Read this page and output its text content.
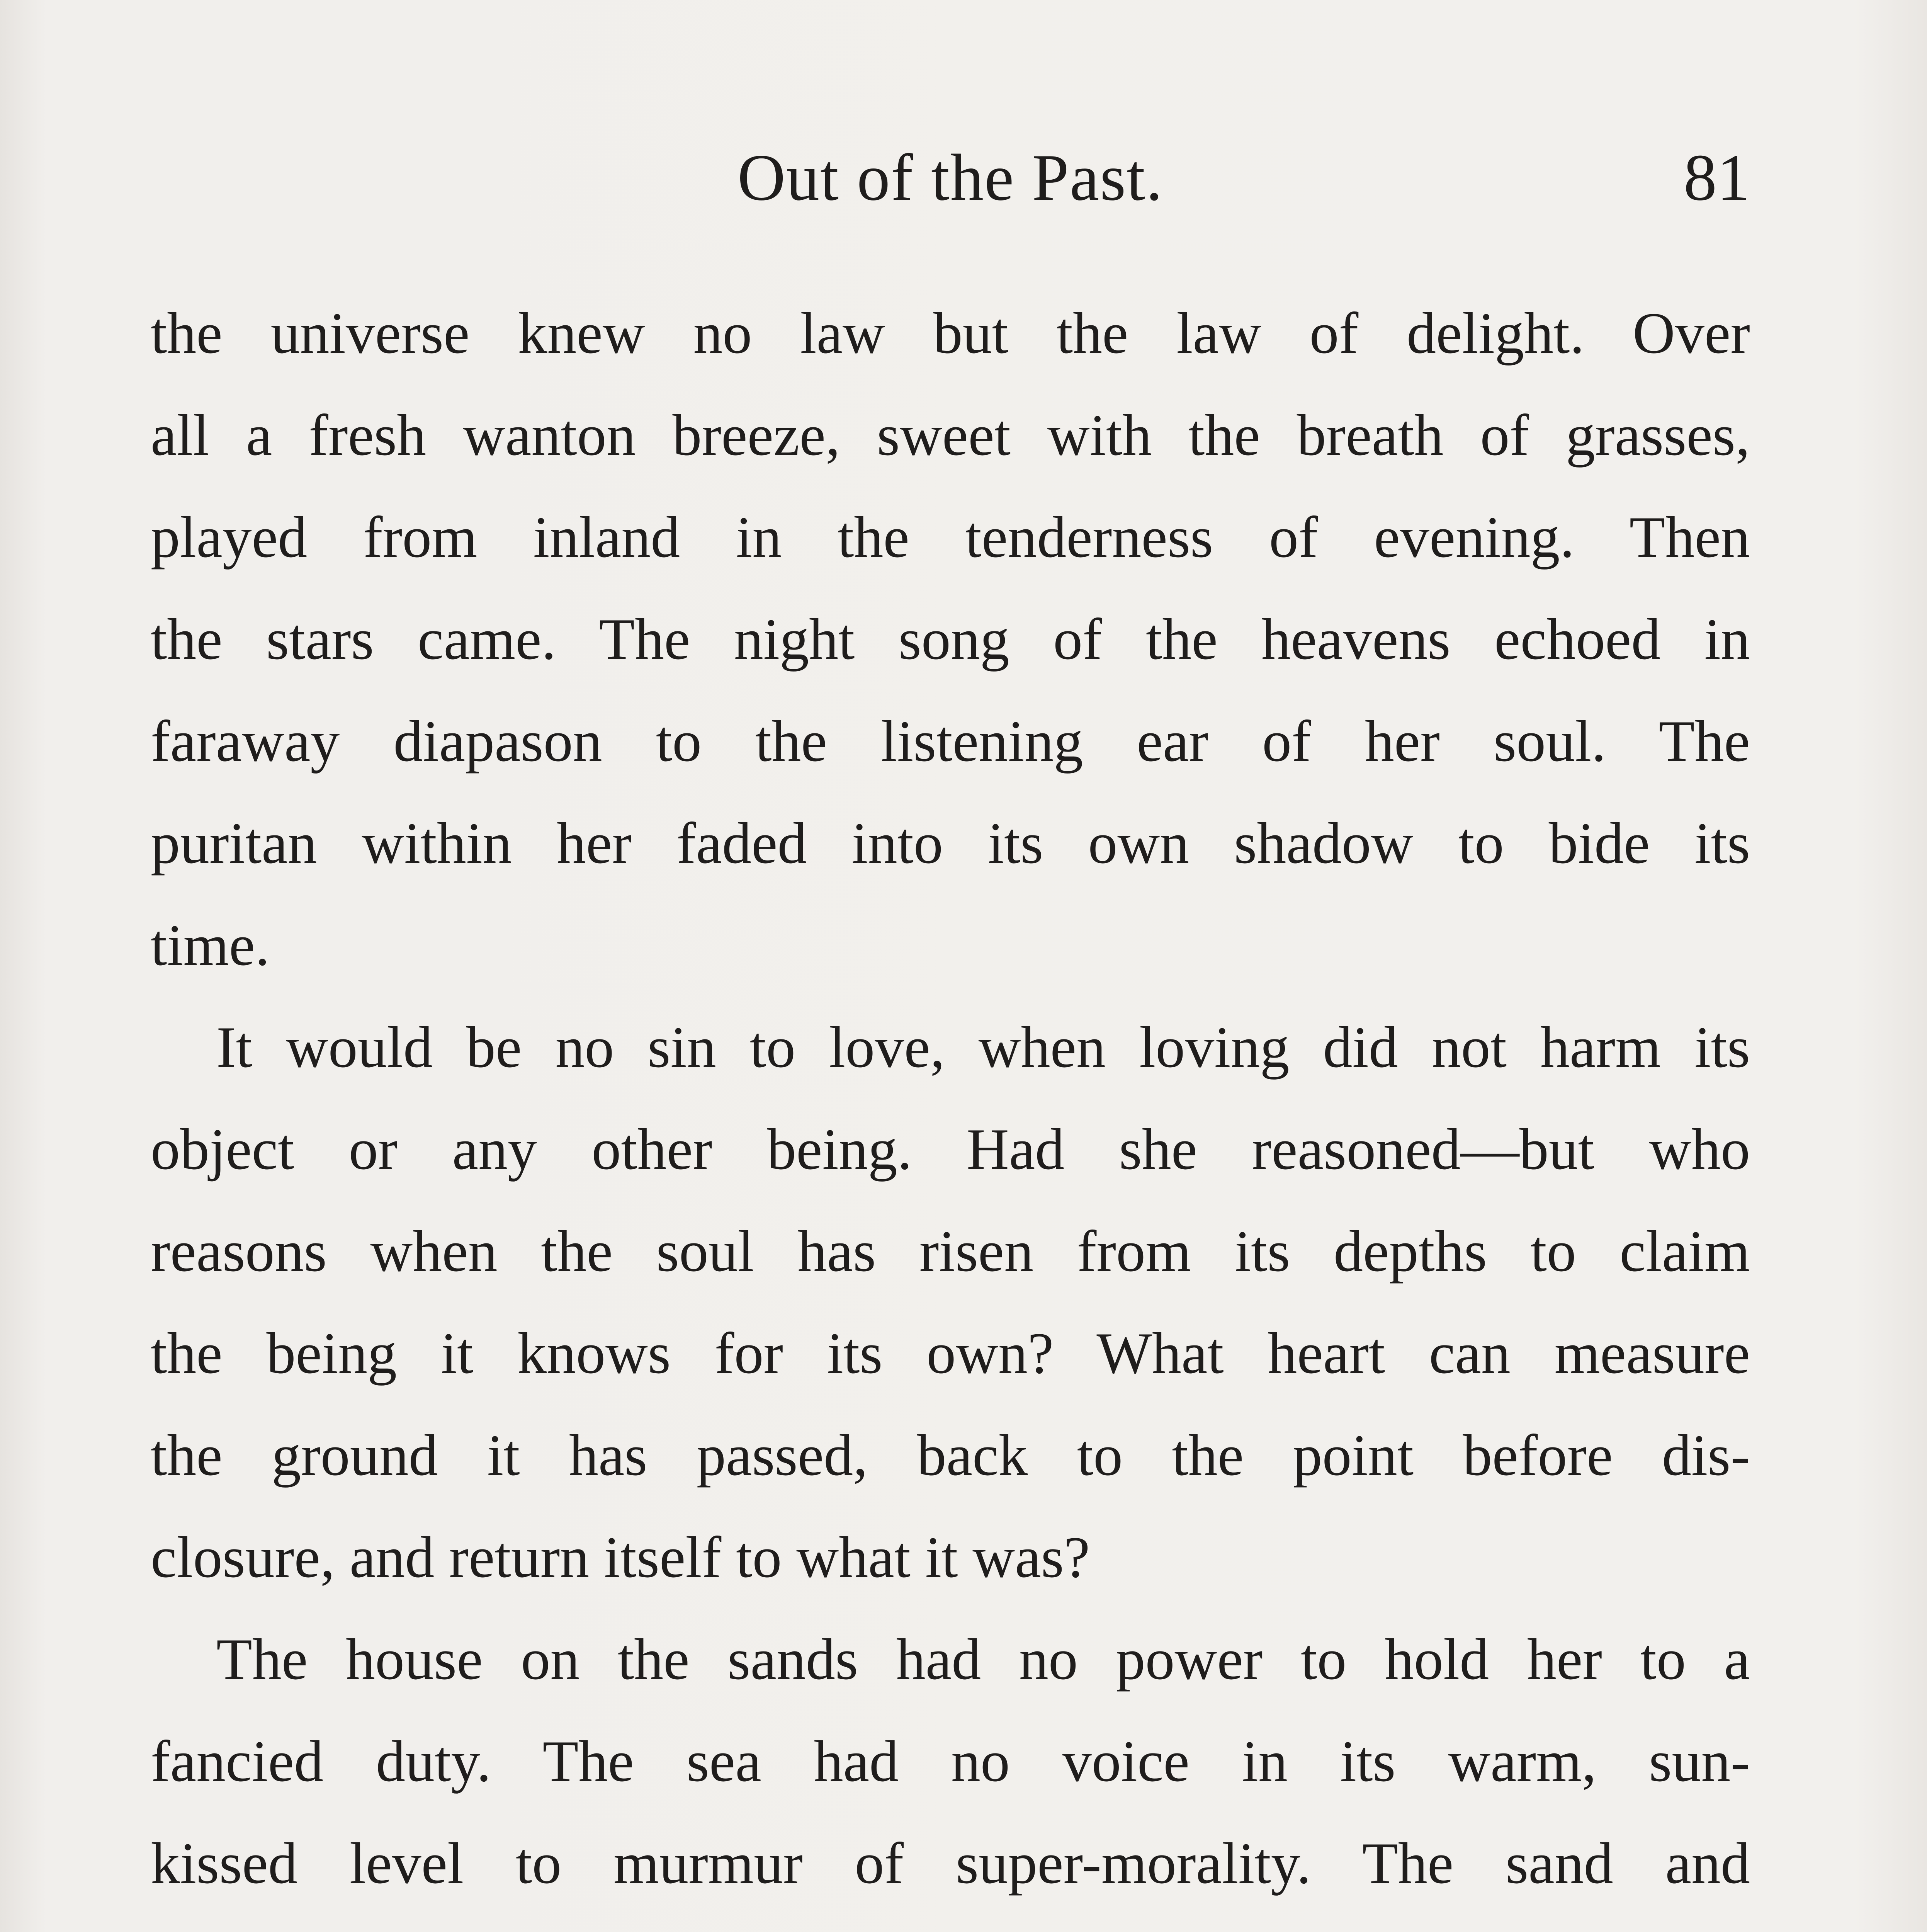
Out of the Past.	81
the universe knew no law but the law of delight. Over
all a fresh wanton breeze, sweet with the breath of grasses,
played from inland in the tenderness of evening. Then
the stars came. The night song of the heavens echoed in
faraway diapason to the listening ear of her soul. The
puritan within her faded into its own shadow to bide its
time.
It would be no sin to love, when loving did not harm its
object or any other being. Had she reasoned—but who
reasons when the soul has risen from its depths to claim
the being it knows for its own? What heart can measure
the ground it has passed, back to the point before dis-
closure, and return itself to what it was?
The house on the sands had no power to hold her to a
fancied duty. The sea had no voice in its warm, sun-
kissed level to murmur of super-morality. The sand and
